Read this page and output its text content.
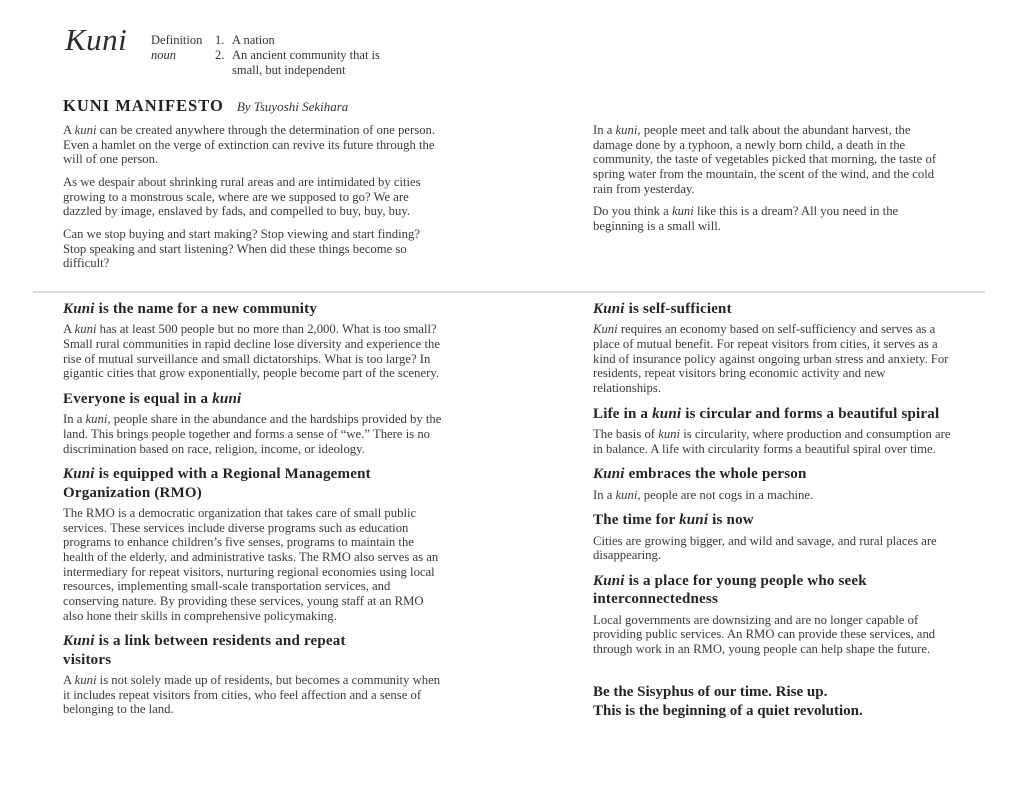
Kuni Definition
noun
1. A nation
2. An ancient community that is
small, but independent
KUNI MANIFESTO By Tsuyoshi Sekihara

A kuni can be created anywhere through the determination of one person. Even a hamlet on the verge of extinction can revive its future through the will of one person.

As we despair about shrinking rural areas and are intimidated by cities growing to a monstrous scale, where are we supposed to go? We are dazzled by image, enslaved by fads, and compelled to buy, buy, buy.

Can we stop buying and start making? Stop viewing and start finding? Stop speaking and start listening? When did these things become so difficult?

In a kuni, people meet and talk about the abundant harvest, the damage done by a typhoon, a newly born child, a death in the community, the taste of vegetables picked that morning, the taste of spring water from the mountain, the scent of the wind, and the cold rain from yesterday.

Do you think a kuni like this is a dream? All you need in the beginning is a small will.

Kuni is the name for a new community

A kuni has at least 500 people but no more than 2,000. What is too small? Small rural communities in rapid decline lose diversity and experience the rise of mutual surveillance and small dictatorships. What is too large? In gigantic cities that grow exponentially, people become part of the scenery.

Everyone is equal in a kuni

In a kuni, people share in the abundance and the hardships provided by the land. This brings people together and forms a sense of “we.” There is no discrimination based on race, religion, income, or ideology.

Kuni is equipped with a Regional Management
Organization (RMO)

The RMO is a democratic organization that takes care of small public services. These services include diverse programs such as education programs to enhance children’s five senses, programs to maintain the health of the elderly, and administrative tasks. The RMO also serves as an intermediary for repeat visitors, nurturing regional economies using local resources, implementing small-scale transportation services, and conserving nature. By providing these services, young staff at an RMO also hone their skills in comprehensive policymaking.

Kuni is a link between residents and repeat
visitors

A kuni is not solely made up of residents, but becomes a community when it includes repeat visitors from cities, who feel affection and a sense of belonging to the land.

Kuni is self-sufficient

Kuni requires an economy based on self-sufficiency and serves as a place of mutual benefit. For repeat visitors from cities, it serves as a kind of insurance policy against ongoing urban stress and anxiety. For residents, repeat visitors bring economic activity and new relationships.

Life in a kuni is circular and forms a beautiful spiral

The basis of kuni is circularity, where production and consumption are in balance. A life with circularity forms a beautiful spiral over time.

Kuni embraces the whole person

In a kuni, people are not cogs in a machine.

The time for kuni is now

Cities are growing bigger, and wild and savage, and rural places are disappearing.

Kuni is a place for young people who seek
interconnectedness

Local governments are downsizing and are no longer capable of providing public services. An RMO can provide these services, and through work in an RMO, young people can help shape the future.

Be the Sisyphus of our time. Rise up.
This is the beginning of a quiet revolution.
